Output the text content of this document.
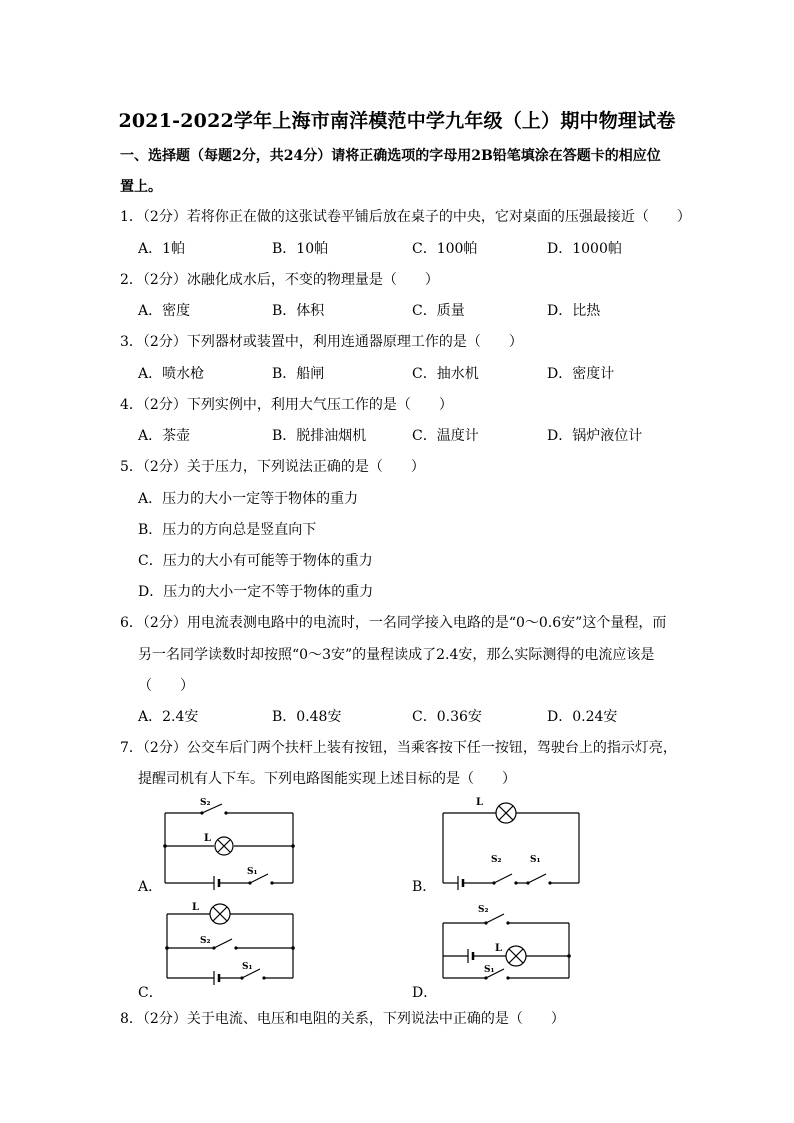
2021-2022学年上海市南洋模范中学九年级（上）期中物理试卷
一、选择题（每题2分，共24分）请将正确选项的字母用2B铅笔填涂在答题卡的相应位
置上。
1．（2分）若将你正在做的这张试卷平铺后放在桌子的中央，它对桌面的压强最接近（　　）
A．1帕	B．10帕	C．100帕	D．1000帕
2．（2分）冰融化成水后，不变的物理量是（　　）
A．密度	B．体积	C．质量	D．比热
3．（2分）下列器材或装置中，利用连通器原理工作的是（　　）
A．喷水枪	B．船闸	C．抽水机	D．密度计
4．（2分）下列实例中，利用大气压工作的是（　　）
A．茶壶	B．脱排油烟机	C．温度计	D．锅炉液位计
5．（2分）关于压力，下列说法正确的是（　　）
A．压力的大小一定等于物体的重力
B．压力的方向总是竖直向下
C．压力的大小有可能等于物体的重力
D．压力的大小一定不等于物体的重力
6．（2分）用电流表测电路中的电流时，一名同学接入电路的是“0～0.6安”这个量程，而
另一名同学读数时却按照“0～3安”的量程读成了2.4安，那么实际测得的电流应该是
（　　）
A．2.4安	B．0.48安	C．0.36安	D．0.24安
7．（2分）公交车后门两个扶杆上装有按钮，当乘客按下任一按钮，驾驶台上的指示灯亮，
提醒司机有人下车。下列电路图能实现上述目标的是（　　）
A．
S₂
L
S₁
B．
L
S₂	S₁
C．
L
S₂
S₁
D．
S₂
L
S₁
8．（2分）关于电流、电压和电阻的关系，下列说法中正确的是（　　）
